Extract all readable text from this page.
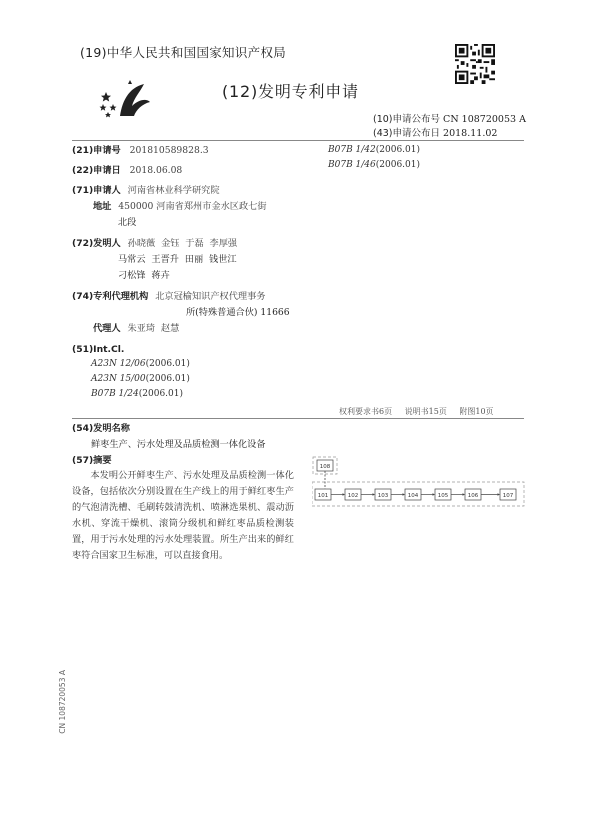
(19)中华人民共和国国家知识产权局
(12)发明专利申请
(10)申请公布号 CN 108720053 A
(43)申请公布日 2018.11.02
(21)申请号 201810589828.3
(22)申请日 2018.06.08
(71)申请人 河南省林业科学研究院
地址 450000 河南省郑州市金水区政七街
北段
(72)发明人 孙晓薇  金钰  于磊  李厚强
马常云  王晋升  田丽  钱世江
刁松锋  蒋卉
(74)专利代理机构 北京冠榆知识产权代理事务
所(特殊普通合伙) 11666
代理人 朱亚琦  赵慧
(51)Int.Cl.
A23N 12/06(2006.01)
A23N 15/00(2006.01)
B07B 1/24(2006.01)
B07B 1/42(2006.01)
B07B 1/46(2006.01)
权利要求书6页 说明书15页 附图10页
(54)发明名称
鲜枣生产、污水处理及品质检测一体化设备
(57)摘要
本发明公开鲜枣生产、污水处理及品质检测一体化设备，包括依次分别设置在生产线上的用于鲜红枣生产的气泡清洗槽、毛刷转鼓清洗机、喷淋选果机、震动沥水机、穿流干燥机、滚筒分级机和鲜红枣品质检测装置，用于污水处理的污水处理装置。所生产出来的鲜红枣符合国家卫生标准，可以直接食用。
101	102	103	104	105	106	107
108
CN 108720053 A
